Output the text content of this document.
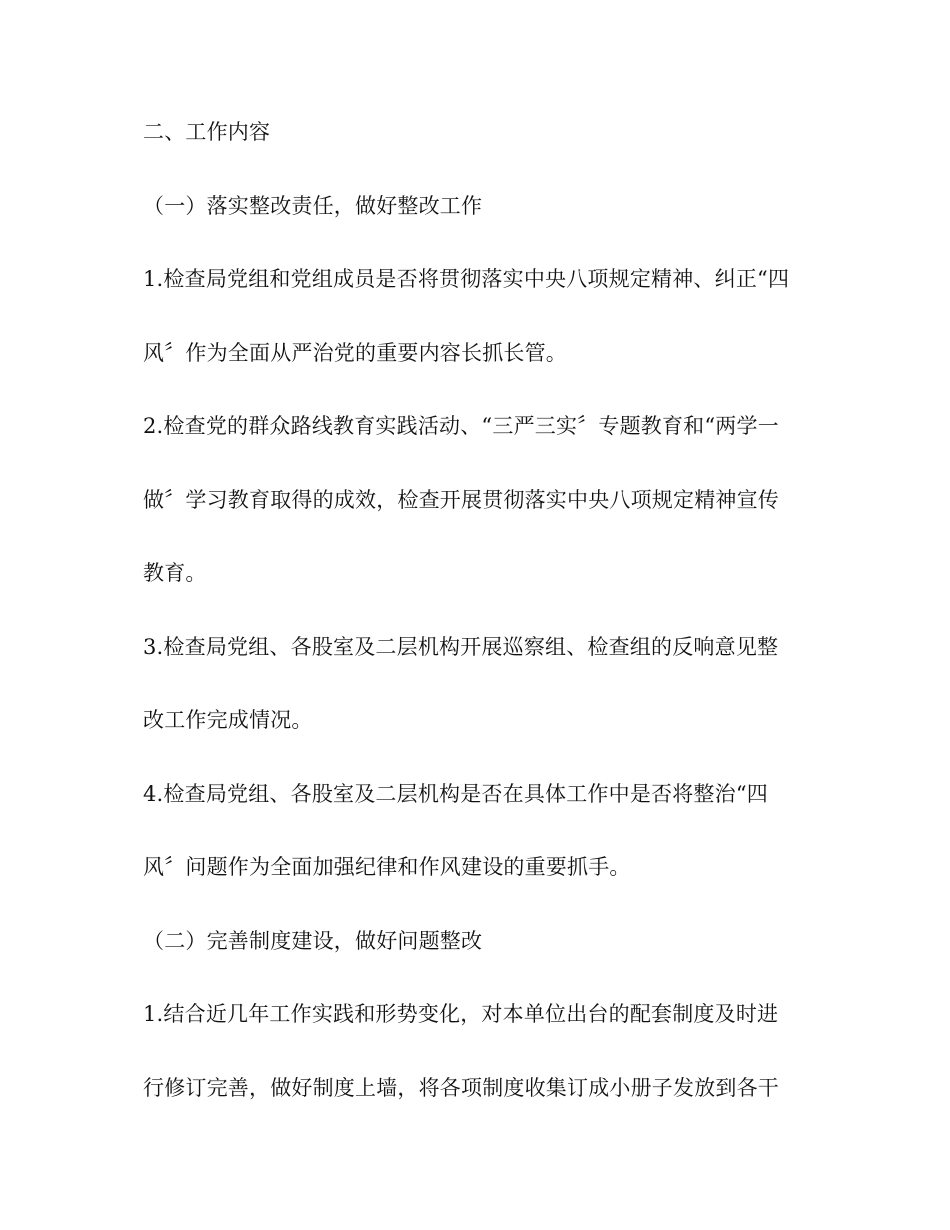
二、工作内容
（一）落实整改责任，做好整改工作
1.检查局党组和党组成员是否将贯彻落实中央八项规定精神、纠正“四
风〞作为全面从严治党的重要内容长抓长管。
2.检查党的群众路线教育实践活动、“三严三实〞专题教育和“两学一
做〞学习教育取得的成效，检查开展贯彻落实中央八项规定精神宣传
教育。
3.检查局党组、各股室及二层机构开展巡察组、检查组的反响意见整
改工作完成情况。
4.检查局党组、各股室及二层机构是否在具体工作中是否将整治“四
风〞问题作为全面加强纪律和作风建设的重要抓手。
（二）完善制度建设，做好问题整改
1.结合近几年工作实践和形势变化，对本单位出台的配套制度及时进
行修订完善，做好制度上墙，将各项制度收集订成小册子发放到各干
